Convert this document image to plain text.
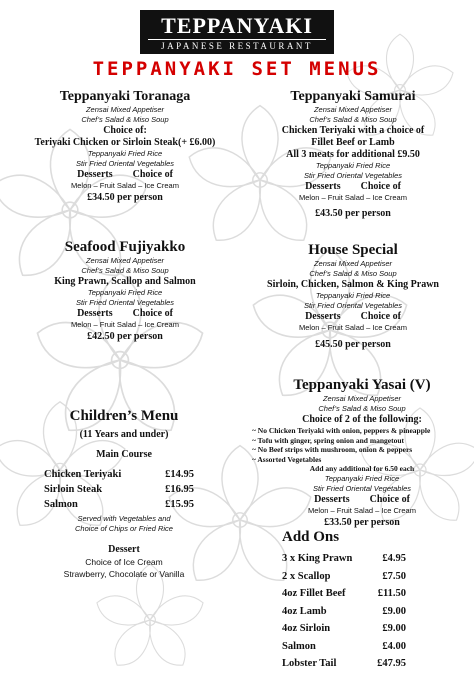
TEPPANYAKI
JAPANESE RESTAURANT
TEPPANYAKI SET MENUS
Teppanyaki Toranaga
Zensai Mixed Appetiser
Chef’s Salad & Miso Soup
Choice of:
Teriyaki Chicken or Sirloin Steak(+ £6.00)
Teppanyaki Fried Rice
Stir Fried Oriental Vegetables
Desserts Choice of
Melon – Fruit Salad – Ice Cream
£34.50 per person
Teppanyaki Samurai
Zensai Mixed Appetiser
Chef’s Salad & Miso Soup
Chicken Teriyaki with a choice of
Fillet Beef or Lamb
All 3 meats for additional £9.50
Teppanyaki Fried Rice
Stir Fried Oriental Vegetables
Desserts Choice of
Melon – Fruit Salad – Ice Cream
£43.50 per person
Seafood Fujiyakko
Zensai Mixed Appetiser
Chef’s Salad & Miso Soup
King Prawn, Scallop and Salmon
Teppanyaki Fried Rice
Stir Fried Oriental Vegetables
Desserts Choice of
Melon – Fruit Salad – Ice Cream
£42.50 per person
House Special
Zensai Mixed Appetiser
Chef’s Salad & Miso Soup
Sirloin, Chicken, Salmon & King Prawn
Teppanyaki Fried Rice
Stir Fried Oriental Vegetables
Desserts Choice of
Melon – Fruit Salad – Ice Cream
£45.50 per person
Children’s Menu
(11 Years and under)
Main Course
Chicken Teriyaki	£14.95
Sirloin Steak	£16.95
Salmon	£15.95
Served with Vegetables and
Choice of Chips or Fried Rice
Dessert
Choice of Ice Cream
Strawberry, Chocolate or Vanilla
Teppanyaki Yasai (V)
Zensai Mixed Appetiser
Chef’s Salad & Miso Soup
Choice of 2 of the following:
~ No Chicken Teriyaki with onion, peppers & pineapple
~ Tofu with ginger, spring onion and mangetout
~ No Beef strips with mushroom, onion & peppers
~ Assorted Vegetables
Add any additional for 6.50 each
Teppanyaki Fried Rice
Stir Fried Oriental Vegetables
Desserts Choice of
Melon – Fruit Salad – Ice Cream
£33.50 per person
Add Ons
3 x King Prawn	£4.95
2 x Scallop	£7.50
4oz Fillet Beef	£11.50
4oz Lamb	£9.00
4oz Sirloin	£9.00
Salmon	£4.00
Lobster Tail	£47.95
